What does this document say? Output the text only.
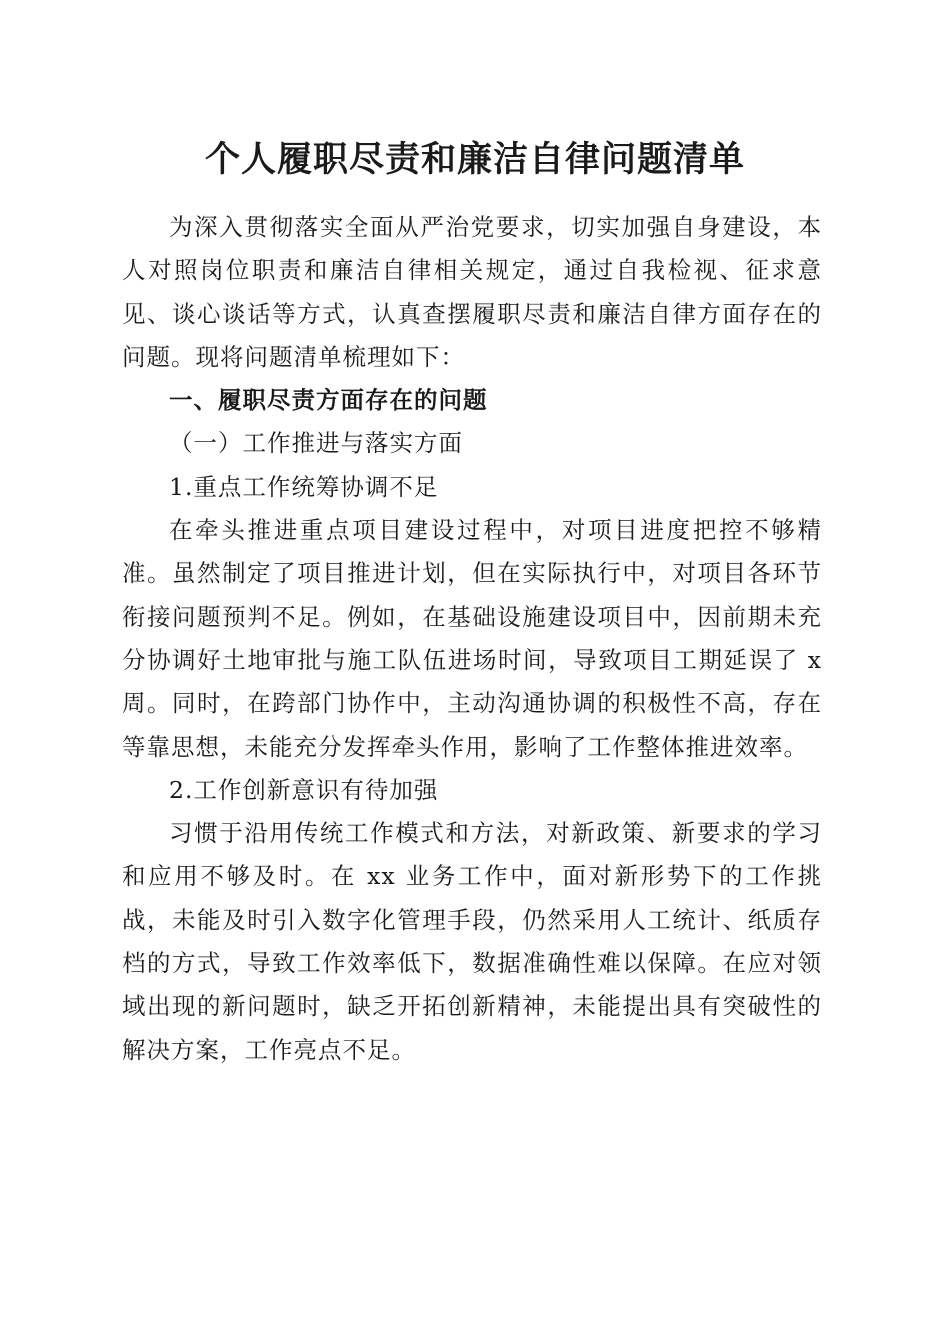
个人履职尽责和廉洁自律问题清单

为深入贯彻落实全面从严治党要求，切实加强自身建设，本人对照岗位职责和廉洁自律相关规定，通过自我检视、征求意见、谈心谈话等方式，认真查摆履职尽责和廉洁自律方面存在的问题。现将问题清单梳理如下：

一、履职尽责方面存在的问题

（一）工作推进与落实方面

1.重点工作统筹协调不足

在牵头推进重点项目建设过程中，对项目进度把控不够精准。虽然制定了项目推进计划，但在实际执行中，对项目各环节衔接问题预判不足。例如，在基础设施建设项目中，因前期未充分协调好土地审批与施工队伍进场时间，导致项目工期延误了 x 周。同时，在跨部门协作中，主动沟通协调的积极性不高，存在等靠思想，未能充分发挥牵头作用，影响了工作整体推进效率。

2.工作创新意识有待加强

习惯于沿用传统工作模式和方法，对新政策、新要求的学习和应用不够及时。在 xx 业务工作中，面对新形势下的工作挑战，未能及时引入数字化管理手段，仍然采用人工统计、纸质存档的方式，导致工作效率低下，数据准确性难以保障。在应对领域出现的新问题时，缺乏开拓创新精神，未能提出具有突破性的解决方案，工作亮点不足。
